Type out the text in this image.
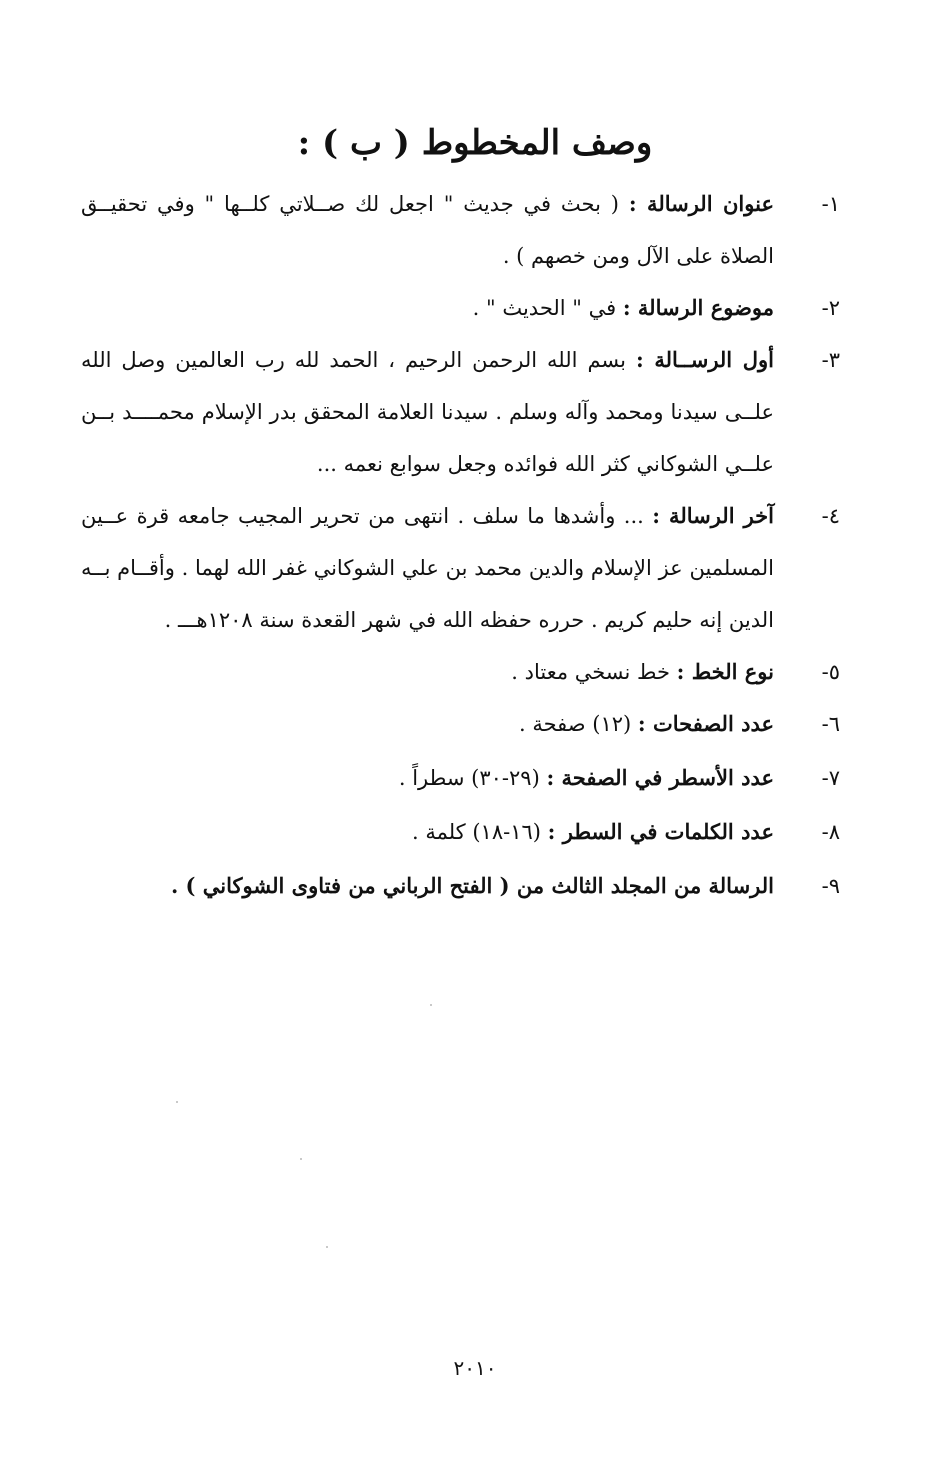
وصف المخطوط ( ب ) :
١-
عنوان الرسالة : ( بحث في جديث " اجعل لك صــلاتي كلــها " وفي تحقيــق الصلاة على الآل ومن خصهم ) .
٢-
موضوع الرسالة : في " الحديث " .
٣-
أول الرســالة : بسم الله الرحمن الرحيم ، الحمد لله رب العالمين وصل الله علــى سيدنا ومحمد وآله وسلم . سيدنا العلامة المحقق بدر الإسلام محمــــد بــن علــي الشوكاني كثر الله فوائده وجعل سوابع نعمه ...
٤-
آخر الرسالة : ... وأشدها ما سلف . انتهى من تحرير المجيب جامعه قرة عــين المسلمين عز الإسلام والدين محمد بن علي الشوكاني غفر الله لهما . وأقــام بــه الدين إنه حليم كريم . حرره حفظه الله في شهر القعدة سنة ١٢٠٨هـــ .
٥-
نوع الخط : خط نسخي معتاد .
٦-
عدد الصفحات : (١٢) صفحة .
٧-
عدد الأسطر في الصفحة : (٢٩-٣٠) سطراً .
٨-
عدد الكلمات في السطر : (١٦-١٨) كلمة .
٩-
الرسالة من المجلد الثالث من ( الفتح الرباني من فتاوى الشوكاني ) .
٢٠١٠
